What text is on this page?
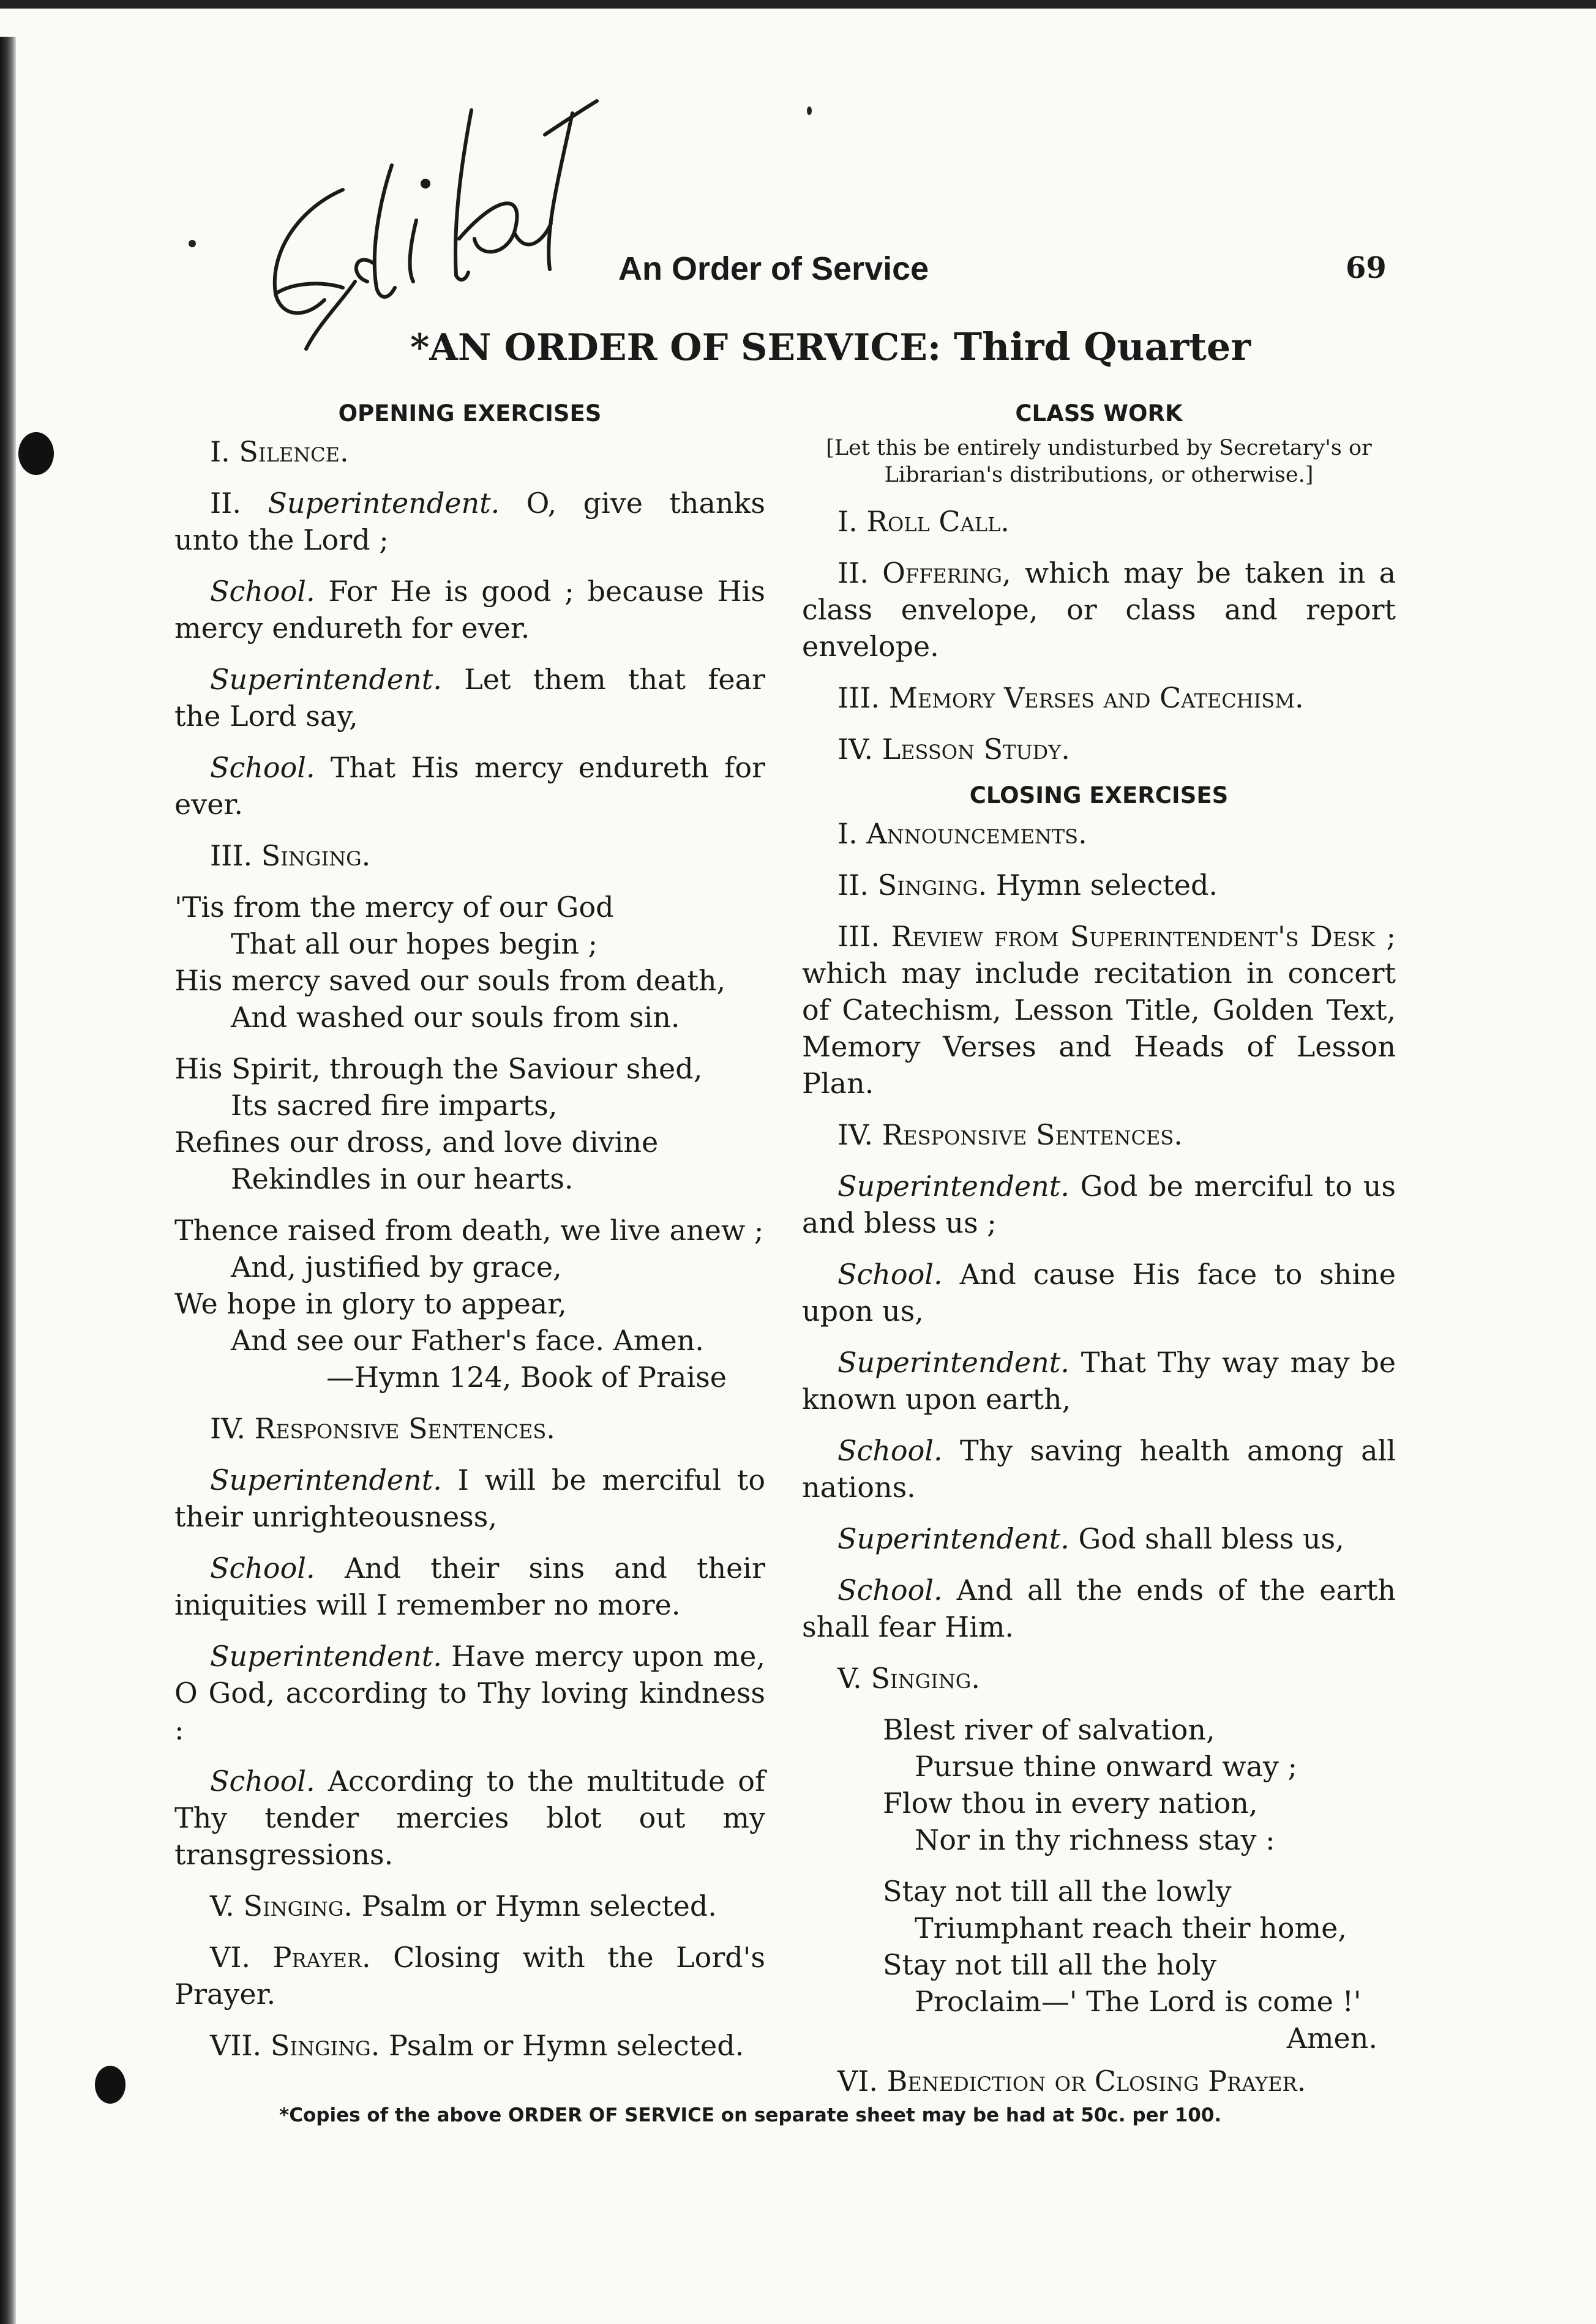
An Order of Service	69
*AN ORDER OF SERVICE: Third Quarter

OPENING EXERCISES

I. Silence.

II. Superintendent. O, give thanks unto the Lord ;

School. For He is good ; because His mercy endureth for ever.

Superintendent. Let them that fear the Lord say,

School. That His mercy endureth for ever.

III. Singing.

'Tis from the mercy of our God

That all our hopes begin ;

His mercy saved our souls from death,

And washed our souls from sin.

His Spirit, through the Saviour shed,

Its sacred fire imparts,

Refines our dross, and love divine

Rekindles in our hearts.

Thence raised from death, we live anew ;

And, justified by grace,

We hope in glory to appear,

And see our Father's face. Amen.

—Hymn 124, Book of Praise

IV. Responsive Sentences.

Superintendent. I will be merciful to their unrighteousness,

School. And their sins and their iniquities will I remember no more.

Superintendent. Have mercy upon me, O God, according to Thy loving kindness :

School. According to the multitude of Thy tender mercies blot out my transgressions.

V. Singing. Psalm or Hymn selected.

VI. Prayer. Closing with the Lord's Prayer.

VII. Singing. Psalm or Hymn selected.

CLASS WORK

[Let this be entirely undisturbed by Secretary's or Librarian's distributions, or otherwise.]

I. Roll Call.

II. Offering, which may be taken in a class envelope, or class and report envelope.

III. Memory Verses and Catechism.

IV. Lesson Study.

CLOSING EXERCISES

I. Announcements.

II. Singing. Hymn selected.

III. Review from Superintendent's Desk ; which may include recitation in concert of Catechism, Lesson Title, Golden Text, Memory Verses and Heads of Lesson Plan.

IV. Responsive Sentences.

Superintendent. God be merciful to us and bless us ;

School. And cause His face to shine upon us,

Superintendent. That Thy way may be known upon earth,

School. Thy saving health among all nations.

Superintendent. God shall bless us,

School. And all the ends of the earth shall fear Him.

V. Singing.

Blest river of salvation,

Pursue thine onward way ;

Flow thou in every nation,

Nor in thy richness stay :

Stay not till all the lowly

Triumphant reach their home,

Stay not till all the holy

Proclaim—' The Lord is come !'

Amen.

VI. Benediction or Closing Prayer.

*Copies of the above ORDER OF SERVICE on separate sheet may be had at 50c. per 100.
